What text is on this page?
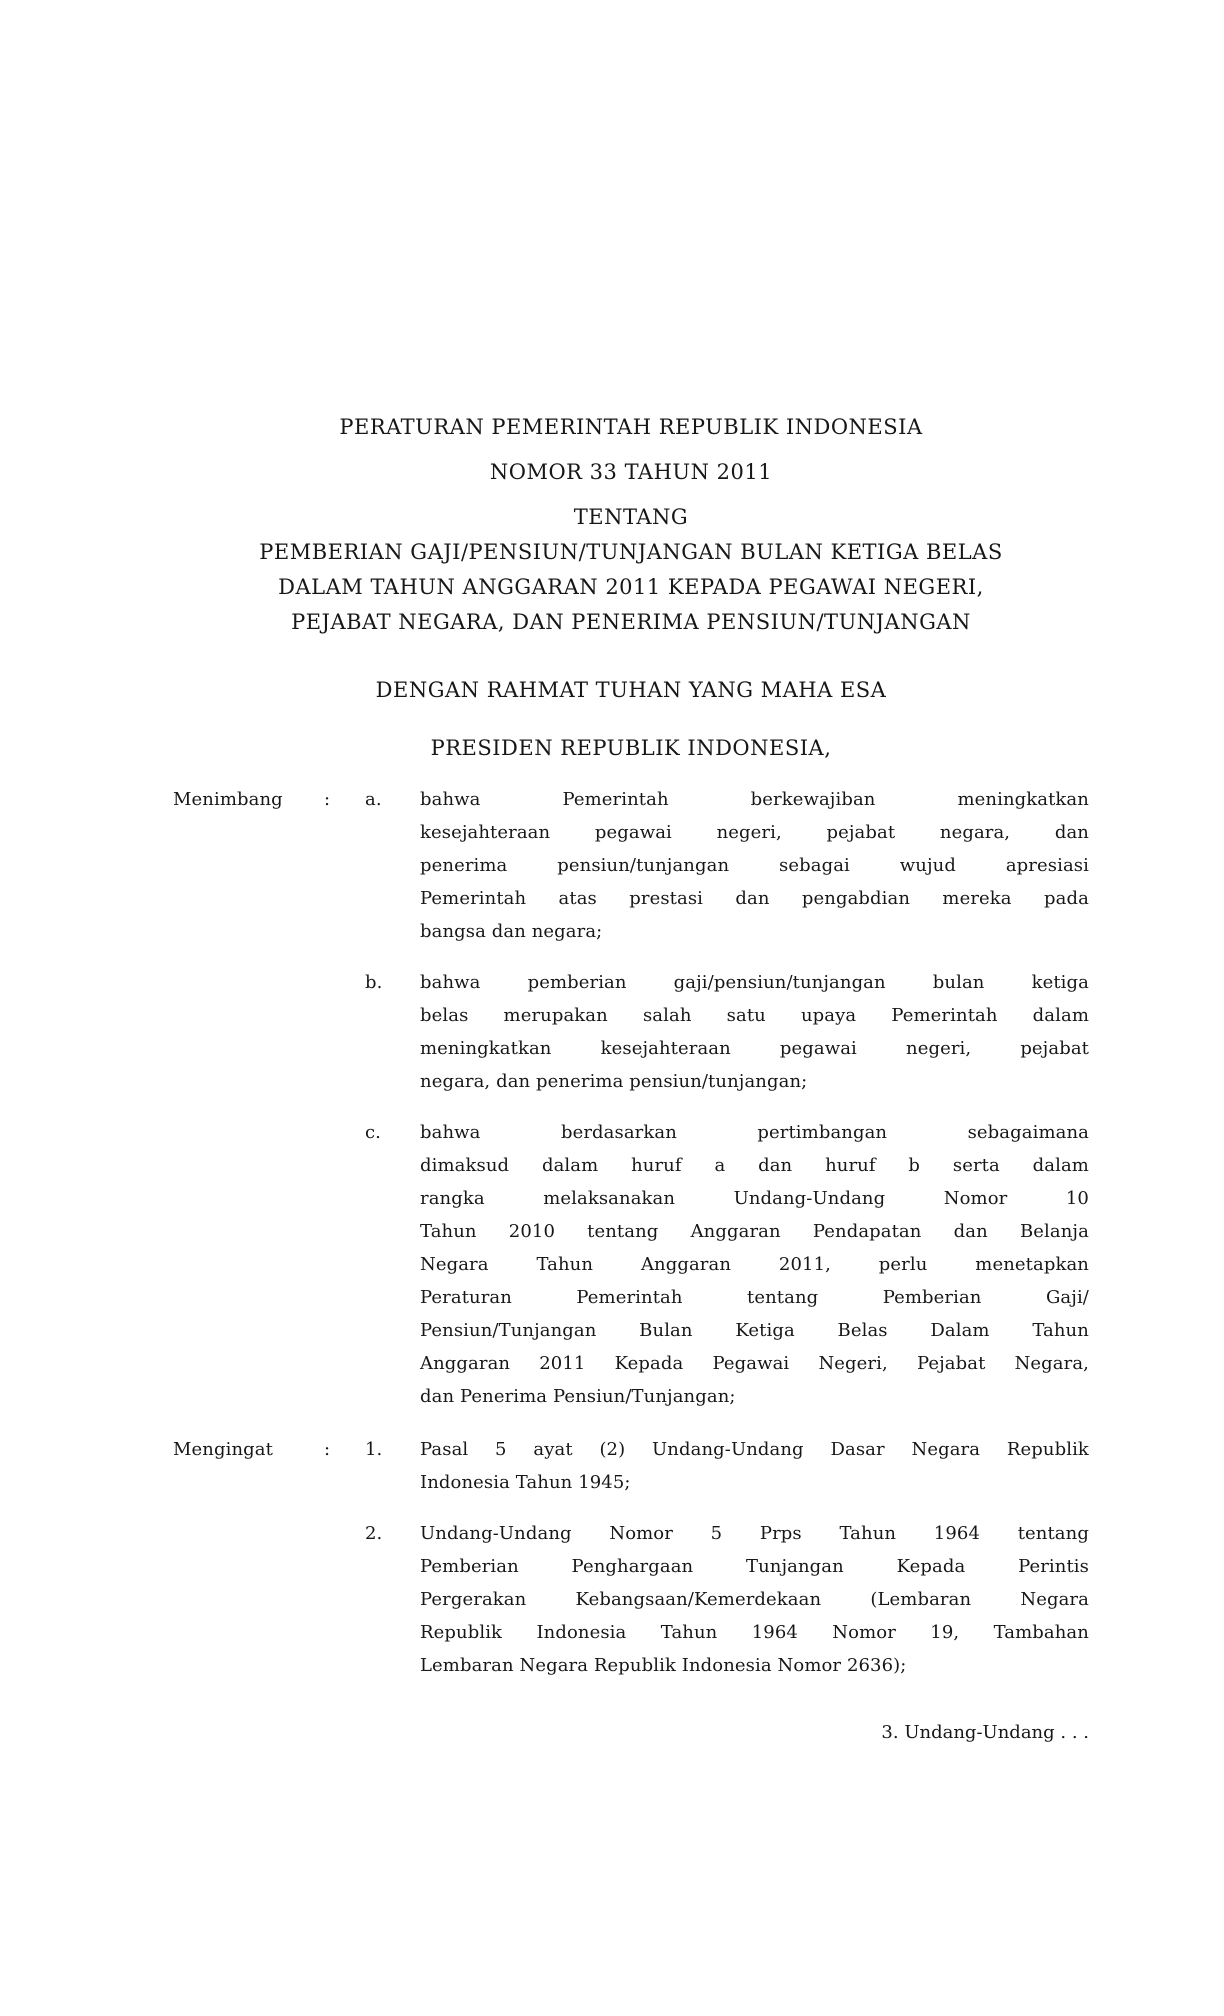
PERATURAN PEMERINTAH REPUBLIK INDONESIA
NOMOR 33 TAHUN 2011
TENTANG
PEMBERIAN GAJI/PENSIUN/TUNJANGAN BULAN KETIGA BELAS
DALAM TAHUN ANGGARAN 2011 KEPADA PEGAWAI NEGERI,
PEJABAT NEGARA, DAN PENERIMA PENSIUN/TUNJANGAN
DENGAN RAHMAT TUHAN YANG MAHA ESA
PRESIDEN REPUBLIK INDONESIA,
Menimbang	:	a.	bahwa	Pemerintah	berkewajiban	meningkatkan
kesejahteraan pegawai negeri, pejabat negara, dan
penerima	pensiun/tunjangan	sebagai	wujud	apresiasi
Pemerintah atas prestasi dan pengabdian mereka pada
bangsa dan negara;
b.	bahwa	pemberian	gaji/pensiun/tunjangan	bulan	ketiga
belas merupakan salah satu upaya Pemerintah dalam
meningkatkan	kesejahteraan	pegawai	negeri,	pejabat
negara, dan penerima pensiun/tunjangan;
c.	bahwa	berdasarkan	pertimbangan	sebagaimana
dimaksud dalam huruf a dan huruf b serta dalam
rangka	melaksanakan	Undang-Undang	Nomor	10
Tahun 2010 tentang Anggaran Pendapatan dan Belanja
Negara	Tahun	Anggaran	2011,	perlu	menetapkan
Peraturan	Pemerintah	tentang	Pemberian	Gaji/
Pensiun/Tunjangan Bulan Ketiga Belas Dalam Tahun
Anggaran 2011 Kepada Pegawai Negeri, Pejabat Negara,
dan Penerima Pensiun/Tunjangan;
Mengingat	:	1.	Pasal 5 ayat (2) Undang-Undang Dasar Negara Republik
Indonesia Tahun 1945;
2.	Undang-Undang Nomor 5 Prps Tahun 1964 tentang
Pemberian	Penghargaan	Tunjangan	Kepada	Perintis
Pergerakan	Kebangsaan/Kemerdekaan	(Lembaran	Negara
Republik Indonesia Tahun 1964 Nomor 19, Tambahan
Lembaran Negara Republik Indonesia Nomor 2636);
3. Undang-Undang . . .
